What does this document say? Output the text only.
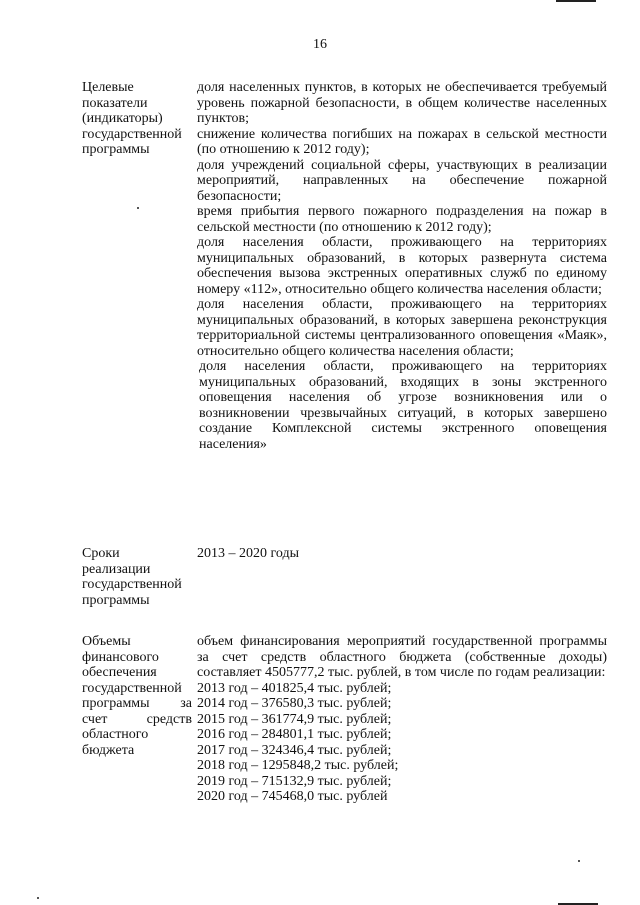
16
Целевые
показатели
(индикаторы)
государственной
программы

доля населенных пунктов, в которых не обеспечивается требуемый уровень пожарной безопасности, в общем количестве населенных пунктов;

снижение количества погибших на пожарах в сельской местности (по отношению к 2012 году);

доля учреждений социальной сферы, участвующих в реализации мероприятий, направленных на обеспечение пожарной безопасности;

время прибытия первого пожарного подразделения на пожар в сельской местности (по отношению к 2012 году);

доля населения области, проживающего на территориях муниципальных образований, в которых развернута система обеспечения вызова экстренных оперативных служб по единому номеру «112», относительно общего количества населения области;

доля населения области, проживающего на территориях муниципальных образований, в которых завершена реконструкция территориальной системы централизованного оповещения «Маяк», относительно общего количества населения области;

доля населения области, проживающего на территориях муниципальных образований, входящих в зоны экстренного оповещения населения об угрозе возникновения или о возникновении чрезвычайных ситуаций, в которых завершено создание Комплексной системы экстренного оповещения населения»

Сроки
реализации
государственной
программы

2013 – 2020 годы

Объемы
финансового
обеспечения
государственной
программы за
счет средств
областного
бюджета

объем финансирования мероприятий государственной программы за счет средств областного бюджета (собственные доходы) составляет 4505777,2 тыс. рублей, в том числе по годам реализации:

2013 год – 401825,4 тыс. рублей;

2014 год – 376580,3 тыс. рублей;

2015 год – 361774,9 тыс. рублей;

2016 год – 284801,1 тыс. рублей;

2017 год – 324346,4 тыс. рублей;

2018 год – 1295848,2 тыс. рублей;

2019 год – 715132,9 тыс. рублей;

2020 год – 745468,0 тыс. рублей
